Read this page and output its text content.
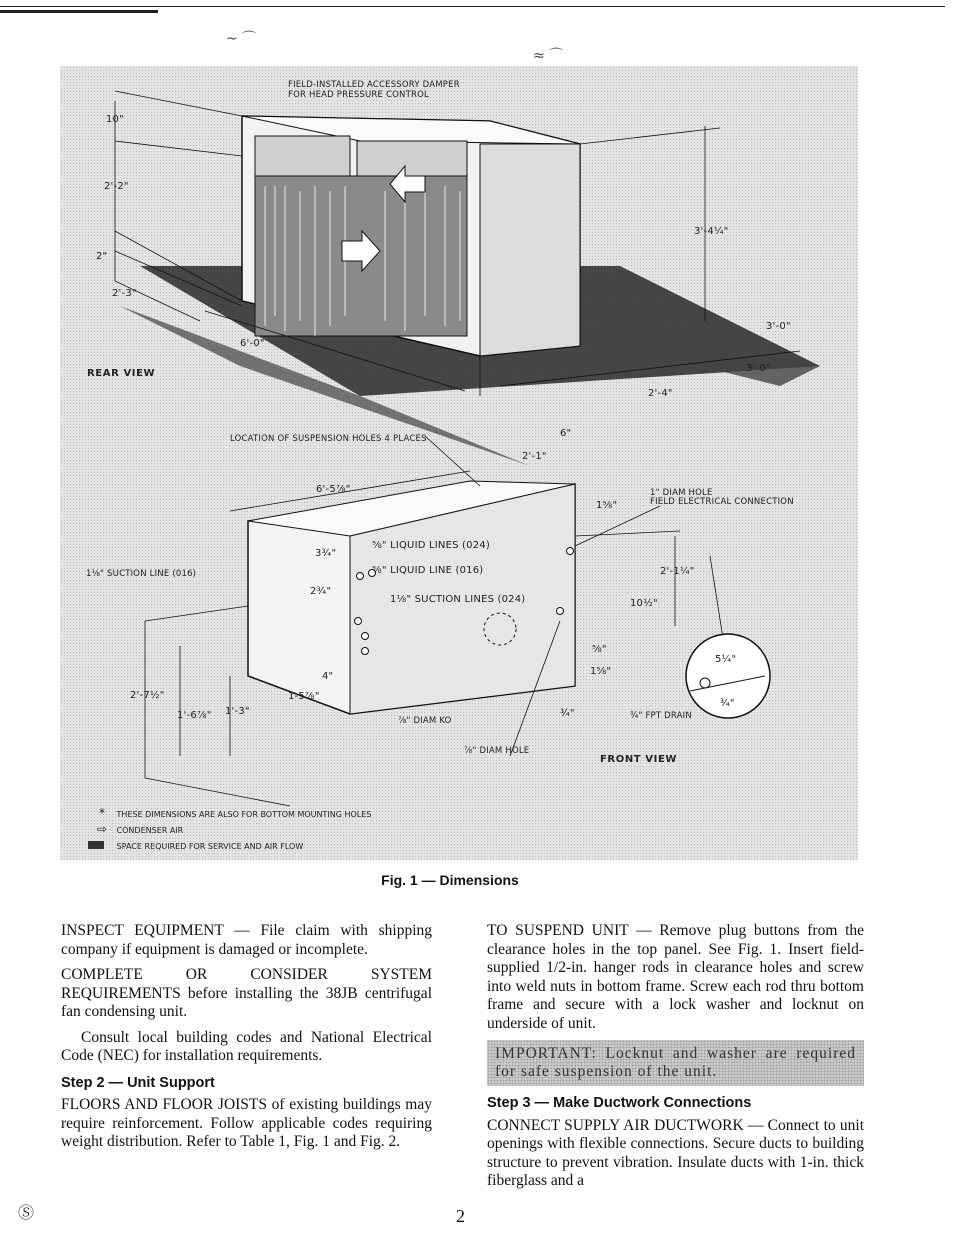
~ ⌒
≈ ⌒
FIELD-INSTALLED ACCESSORY DAMPER
FOR HEAD PRESSURE CONTROL
10"
2'-2"
2"
2'-3"
6'-0"
3'-4¼"
3'-0"
3'-0"
2'-4"
6"
REAR VIEW
LOCATION OF SUSPENSION HOLES 4 PLACES
2'-1"
6'-5⅞"	1" DIAM HOLE
FIELD ELECTRICAL CONNECTION
1⅝"
⅝" LIQUID LINES (024)
⅝" LIQUID LINE (016)
1⅛" SUCTION LINES (024)
1⅛" SUCTION LINE (016)
3¾"
2¾"
2'-1¼"
10½"
5¼"
¾"
1-5⅞"
4"
2'-7½"
1'-6⅞" 1'-3"
⅝"
1⅝"
⅞" DIAM KO
⅞" DIAM HOLE
¾" FPT DRAIN
¾"
FRONT VIEW
* THESE DIMENSIONS ARE ALSO FOR BOTTOM MOUNTING HOLES
⇨ CONDENSER AIR
SPACE REQUIRED FOR SERVICE AND AIR FLOW
Fig. 1 — Dimensions

INSPECT EQUIPMENT — File claim with shipping company if equipment is damaged or incomplete.

COMPLETE OR CONSIDER SYSTEM REQUIREMENTS before installing the 38JB centrifugal fan condensing unit.

Consult local building codes and National Electrical Code (NEC) for installation requirements.

Step 2 — Unit Support

FLOORS AND FLOOR JOISTS of existing buildings may require reinforcement. Follow applicable codes requiring weight distribution. Refer to Table 1, Fig. 1 and Fig. 2.

TO SUSPEND UNIT — Remove plug buttons from the clearance holes in the top panel. See Fig. 1. Insert field-supplied 1/2-in. hanger rods in clearance holes and screw into weld nuts in bottom frame. Screw each rod thru bottom frame and secure with a lock washer and locknut on underside of unit.

IMPORTANT: Locknut and washer are required for safe suspension of the unit.
Step 3 — Make Ductwork Connections

CONNECT SUPPLY AIR DUCTWORK — Connect to unit openings with flexible connections. Secure ducts to building structure to prevent vibration. Insulate ducts with 1-in. thick fiberglass and a

Ⓢ	2
